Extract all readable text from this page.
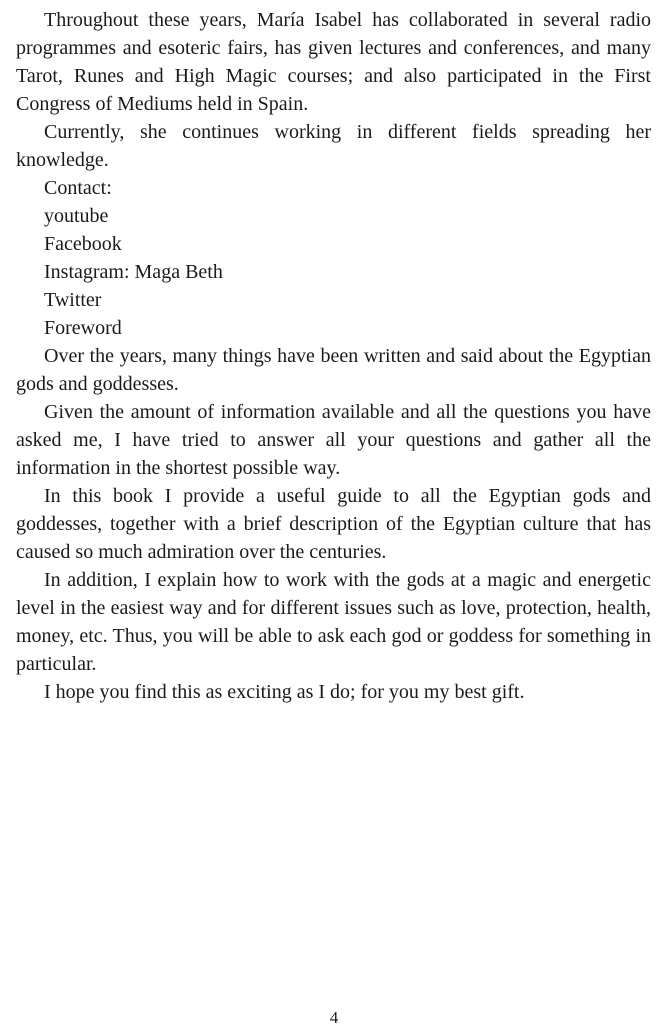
Throughout these years, María Isabel has collaborated in several radio programmes and esoteric fairs, has given lectures and conferences, and many Tarot, Runes and High Magic courses; and also participated in the First Congress of Mediums held in Spain.

Currently, she continues working in different fields spreading her knowledge.

Contact:

youtube

Facebook

Instagram: Maga Beth

Twitter

Foreword

Over the years, many things have been written and said about the Egyptian gods and goddesses.

Given the amount of information available and all the questions you have asked me, I have tried to answer all your questions and gather all the information in the shortest possible way.

In this book I provide a useful guide to all the Egyptian gods and goddesses, together with a brief description of the Egyptian culture that has caused so much admiration over the centuries.

In addition, I explain how to work with the gods at a magic and energetic level in the easiest way and for different issues such as love, protection, health, money, etc. Thus, you will be able to ask each god or goddess for something in particular.

I hope you find this as exciting as I do; for you my best gift.

4
